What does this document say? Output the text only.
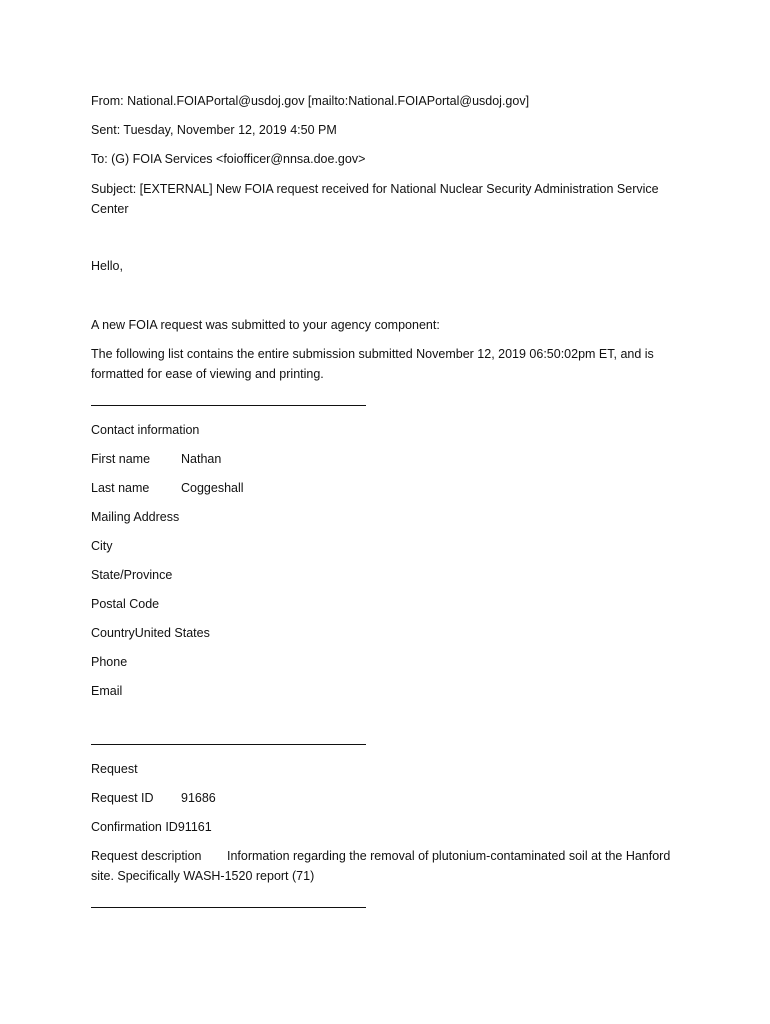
From: National.FOIAPortal@usdoj.gov [mailto:National.FOIAPortal@usdoj.gov]
Sent: Tuesday, November 12, 2019 4:50 PM
To: (G) FOIA Services <foiofficer@nnsa.doe.gov>
Subject: [EXTERNAL] New FOIA request received for National Nuclear Security Administration Service Center
Hello,
A new FOIA request was submitted to your agency component:
The following list contains the entire submission submitted November 12, 2019 06:50:02pm ET, and is formatted for ease of viewing and printing.
Contact information
First name Nathan
Last name	Coggeshall
Mailing Address
City
State/Province
Postal Code
CountryUnited States
Phone
Email
Request
Request ID 91686
Confirmation ID91161
Request description Information regarding the removal of plutonium-contaminated soil at the Hanford site. Specifically WASH-1520 report (71)
